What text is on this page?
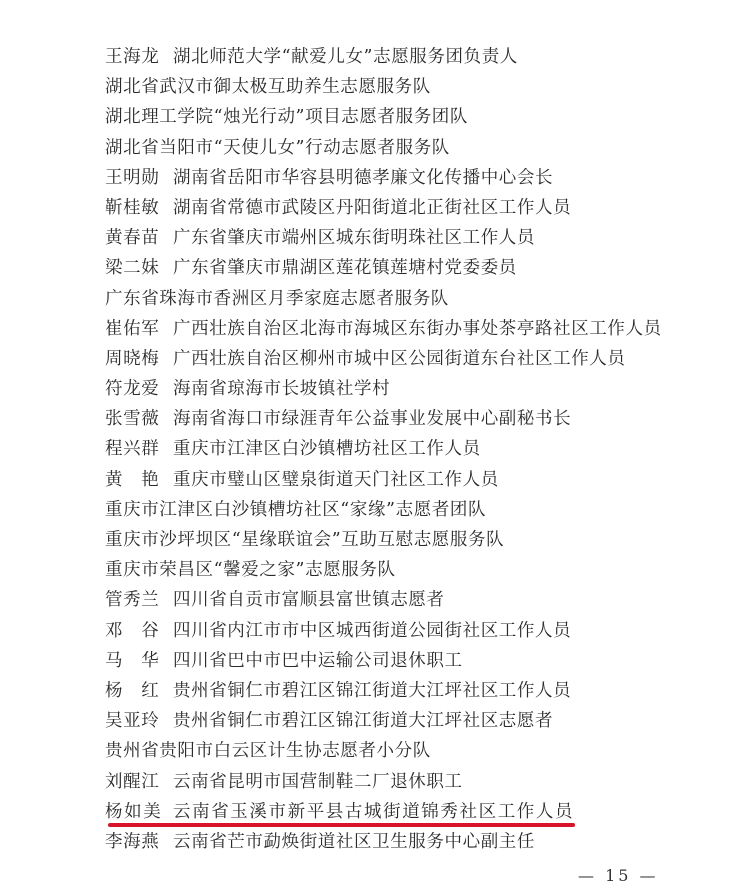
王海龙 湖北师范大学“献爱儿女”志愿服务团负责人
湖北省武汉市御太极互助养生志愿服务队
湖北理工学院“烛光行动”项目志愿者服务团队
湖北省当阳市“天使儿女”行动志愿者服务队
王明勋 湖南省岳阳市华容县明德孝廉文化传播中心会长
靳桂敏 湖南省常德市武陵区丹阳街道北正街社区工作人员
黄春苗 广东省肇庆市端州区城东街明珠社区工作人员
梁二妹 广东省肇庆市鼎湖区莲花镇莲塘村党委委员
广东省珠海市香洲区月季家庭志愿者服务队
崔佑军 广西壮族自治区北海市海城区东街办事处茶亭路社区工作人员
周晓梅 广西壮族自治区柳州市城中区公园街道东台社区工作人员
符龙爱 海南省琼海市长坡镇社学村
张雪薇 海南省海口市绿涯青年公益事业发展中心副秘书长
程兴群 重庆市江津区白沙镇槽坊社区工作人员
黄　艳 重庆市璧山区璧泉街道天门社区工作人员
重庆市江津区白沙镇槽坊社区“家缘”志愿者团队
重庆市沙坪坝区“星缘联谊会”互助互慰志愿服务队
重庆市荣昌区“馨爱之家”志愿服务队
管秀兰 四川省自贡市富顺县富世镇志愿者
邓　谷 四川省内江市市中区城西街道公园街社区工作人员
马　华 四川省巴中市巴中运输公司退休职工
杨　红 贵州省铜仁市碧江区锦江街道大江坪社区工作人员
吴亚玲 贵州省铜仁市碧江区锦江街道大江坪社区志愿者
贵州省贵阳市白云区计生协志愿者小分队
刘醒江 云南省昆明市国营制鞋二厂退休职工
杨如美 云南省玉溪市新平县古城街道锦秀社区工作人员
李海燕 云南省芒市勐焕街道社区卫生服务中心副主任
— 15 —
